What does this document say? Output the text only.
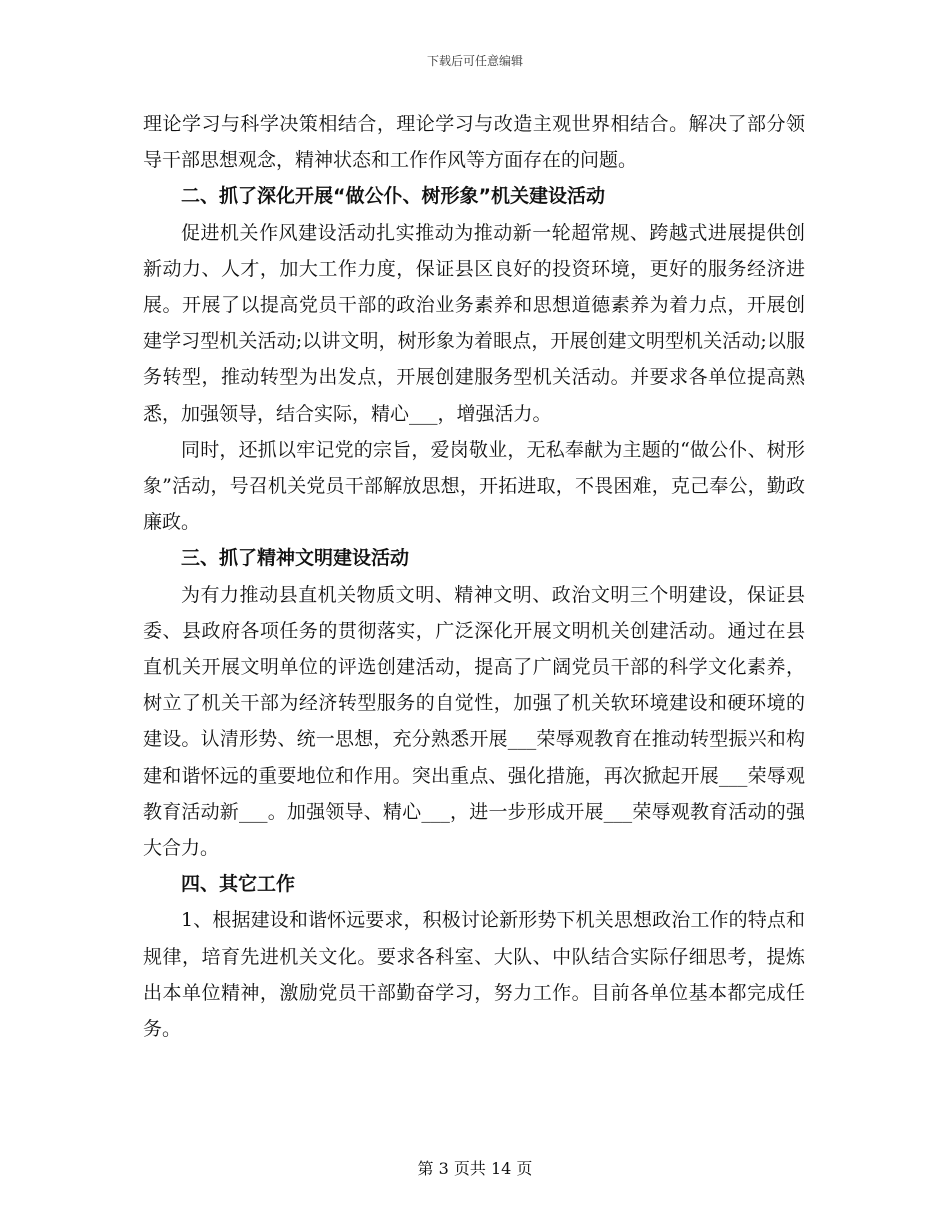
下载后可任意编辑

理论学习与科学决策相结合，理论学习与改造主观世界相结合。解决了部分领导干部思想观念，精神状态和工作作风等方面存在的问题。

二、抓了深化开展“做公仆、树形象”机关建设活动

促进机关作风建设活动扎实推动为推动新一轮超常规、跨越式进展提供创新动力、人才，加大工作力度，保证县区良好的投资环境，更好的服务经济进展。开展了以提高党员干部的政治业务素养和思想道德素养为着力点，开展创建学习型机关活动;以讲文明，树形象为着眼点，开展创建文明型机关活动;以服务转型，推动转型为出发点，开展创建服务型机关活动。并要求各单位提高熟悉，加强领导，结合实际，精心___，增强活力。

同时，还抓以牢记党的宗旨，爱岗敬业，无私奉献为主题的“做公仆、树形象”活动，号召机关党员干部解放思想，开拓进取，不畏困难，克己奉公，勤政廉政。

三、抓了精神文明建设活动

为有力推动县直机关物质文明、精神文明、政治文明三个明建设，保证县委、县政府各项任务的贯彻落实，广泛深化开展文明机关创建活动。通过在县直机关开展文明单位的评选创建活动，提高了广阔党员干部的科学文化素养，树立了机关干部为经济转型服务的自觉性，加强了机关软环境建设和硬环境的建设。认清形势、统一思想，充分熟悉开展___荣辱观教育在推动转型振兴和构建和谐怀远的重要地位和作用。突出重点、强化措施，再次掀起开展___荣辱观教育活动新___。加强领导、精心___，进一步形成开展___荣辱观教育活动的强大合力。

四、其它工作

1、根据建设和谐怀远要求，积极讨论新形势下机关思想政治工作的特点和规律，培育先进机关文化。要求各科室、大队、中队结合实际仔细思考，提炼出本单位精神，激励党员干部勤奋学习，努力工作。目前各单位基本都完成任务。

第 3 页共 14 页
